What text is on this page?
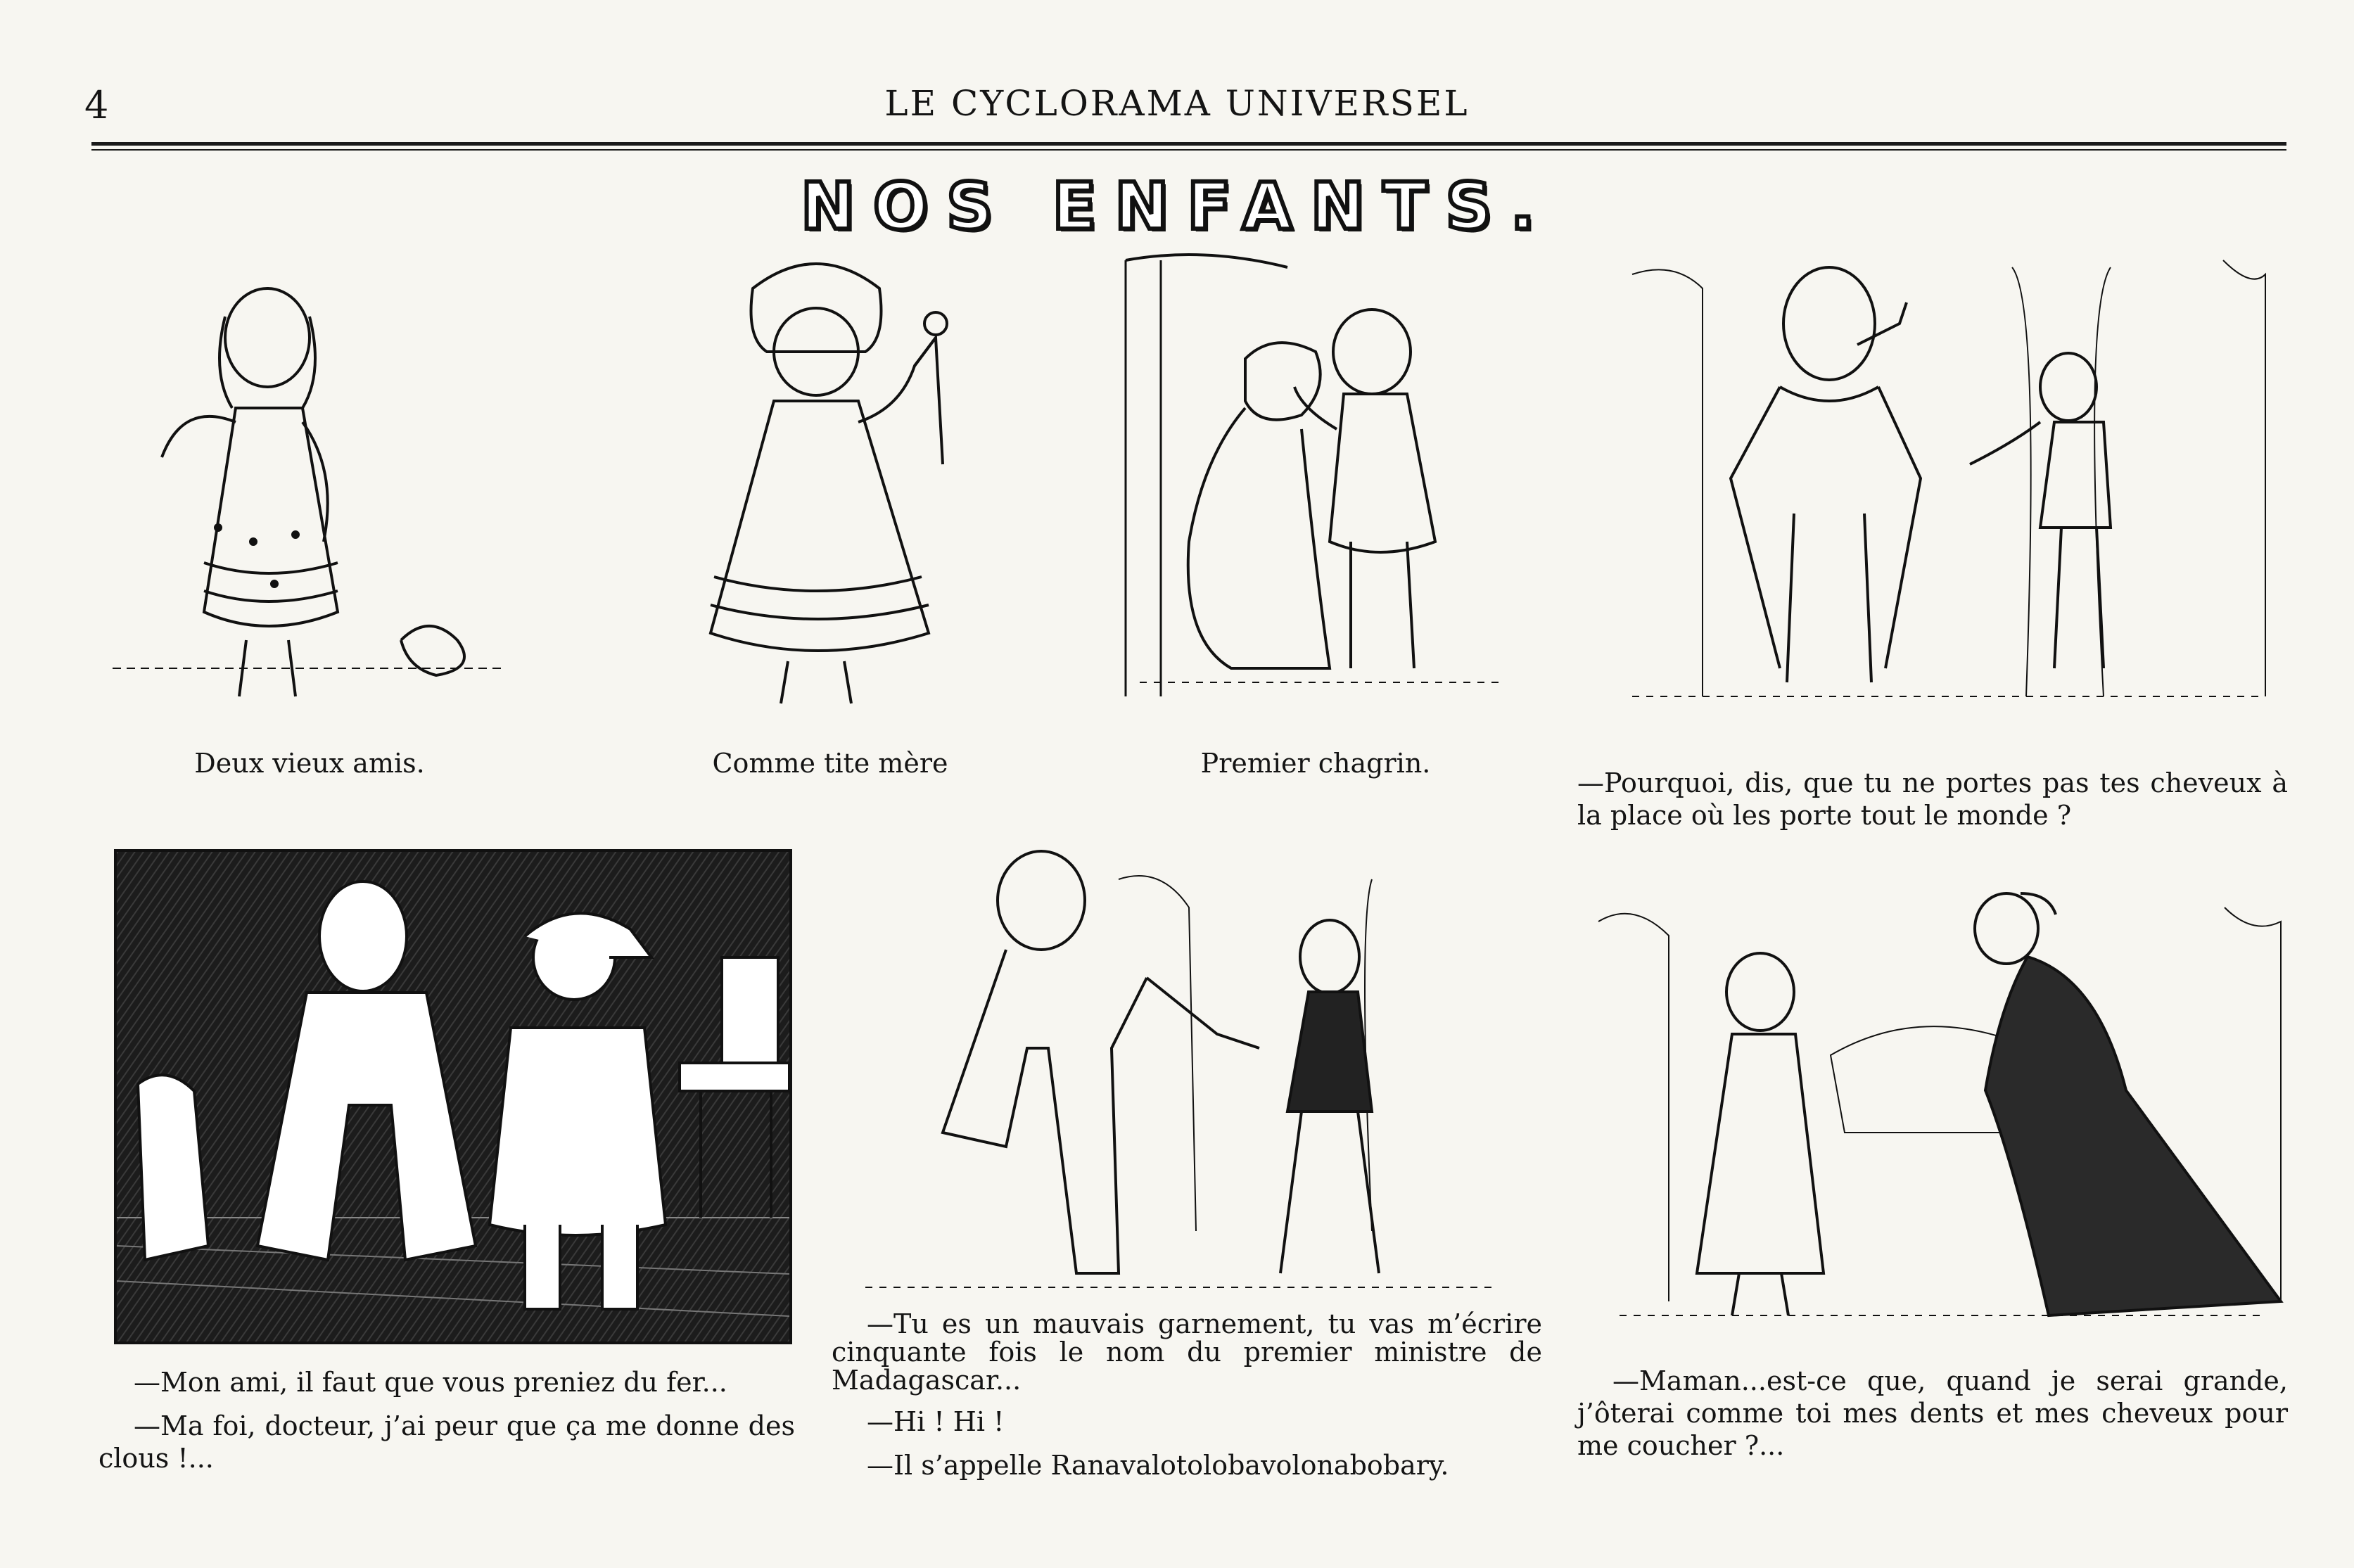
4	LE CYCLORAMA UNIVERSEL
NOS ENFANTS.

Deux vieux amis.	Comme tite mère	Premier chagrin.

—Pourquoi, dis, que tu ne portes pas tes cheveux à la place où les porte tout le monde ?

—Mon ami, il faut que vous preniez du fer...

—Ma foi, docteur, j’ai peur que ça me donne des clous !...

—Tu es un mauvais garnement, tu vas m’écrire cinquante fois le nom du premier ministre de Madagascar...

—Hi ! Hi !

—Il s’appelle Ranavalotolobavolonabobary.

—Maman...est-ce que, quand je serai grande, j’ôterai comme toi mes dents et mes cheveux pour me coucher ?...
